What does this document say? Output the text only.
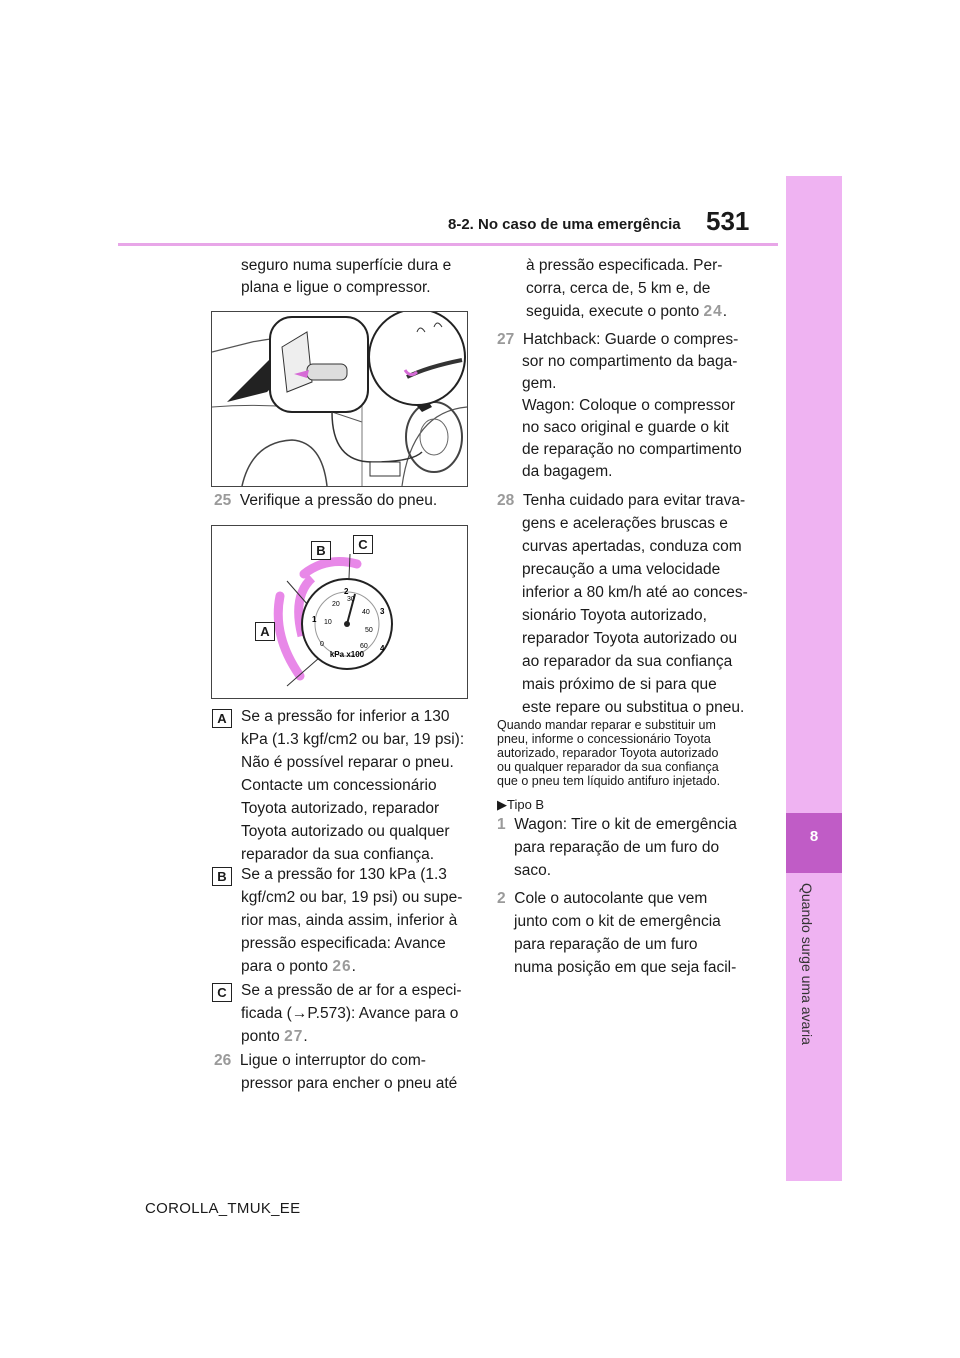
8-2. No caso de uma emergência 531
8
Quando surge uma avaria
seguro numa superfície dura e
plana e ligue o compressor.
25 Verifique a pressão do pneu.
kPa x100
0
10
20
30
40
50
60
1
2
3
4
B	C
A
A Se a pressão for inferior a 130
kPa (1.3 kgf/cm2 ou bar, 19 psi):
Não é possível reparar o pneu.
Contacte um concessionário
Toyota autorizado, reparador
Toyota autorizado ou qualquer
reparador da sua confiança.
B Se a pressão for 130 kPa (1.3
kgf/cm2 ou bar, 19 psi) ou supe-
rior mas, ainda assim, inferior à
pressão especificada: Avance
para o ponto 26.
C Se a pressão de ar for a especi-
ficada (→P.573): Avance para o
ponto 27.
26 Ligue o interruptor do com-
pressor para encher o pneu até
à pressão especificada. Per-
corra, cerca de, 5 km e, de
seguida, execute o ponto 24.
27 Hatchback: Guarde o compres-
sor no compartimento da baga-
gem.
Wagon: Coloque o compressor
no saco original e guarde o kit
de reparação no compartimento
da bagagem.
28 Tenha cuidado para evitar trava-
gens e acelerações bruscas e
curvas apertadas, conduza com
precaução a uma velocidade
inferior a 80 km/h até ao conces-
sionário Toyota autorizado,
reparador Toyota autorizado ou
ao reparador da sua confiança
mais próximo de si para que
este repare ou substitua o pneu.
Quando mandar reparar e substituir um
pneu, informe o concessionário Toyota
autorizado, reparador Toyota autorizado
ou qualquer reparador da sua confiança
que o pneu tem líquido antifuro injetado.
▶Tipo B
1 Wagon: Tire o kit de emergência
para reparação de um furo do
saco.
2 Cole o autocolante que vem
junto com o kit de emergência
para reparação de um furo
numa posição em que seja facil-
COROLLA_TMUK_EE
